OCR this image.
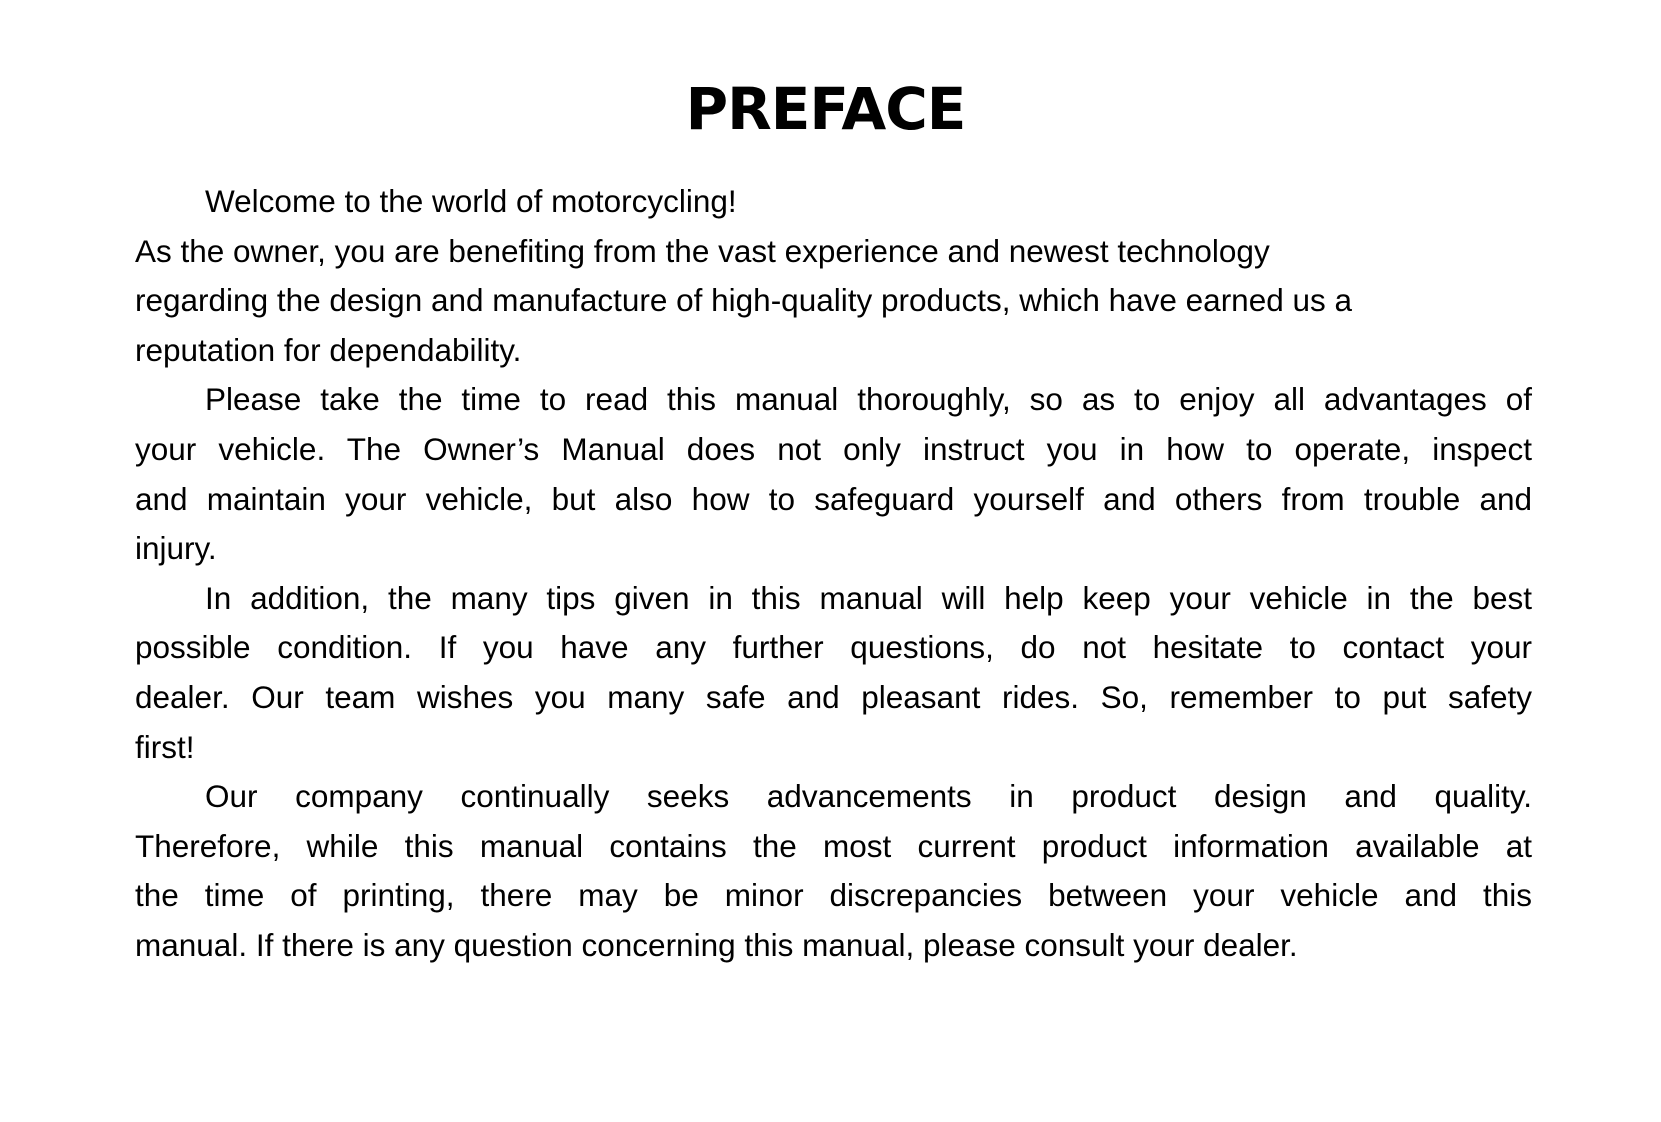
PREFACE
Welcome to the world of motorcycling!
As the owner, you are benefiting from the vast experience and newest technology
regarding the design and manufacture of high-quality products, which have earned us a
reputation for dependability.
Please take the time to read this manual thoroughly, so as to enjoy all advantages of
your vehicle. The Owner’s Manual does not only instruct you in how to operate, inspect
and maintain your vehicle, but also how to safeguard yourself and others from trouble and
injury.
In addition, the many tips given in this manual will help keep your vehicle in the best
possible condition. If you have any further questions, do not hesitate to contact your
dealer. Our team wishes you many safe and pleasant rides. So, remember to put safety
first!
Our company continually seeks advancements in product design and quality.
Therefore, while this manual contains the most current product information available at
the time of printing, there may be minor discrepancies between your vehicle and this
manual. If there is any question concerning this manual, please consult your dealer.
